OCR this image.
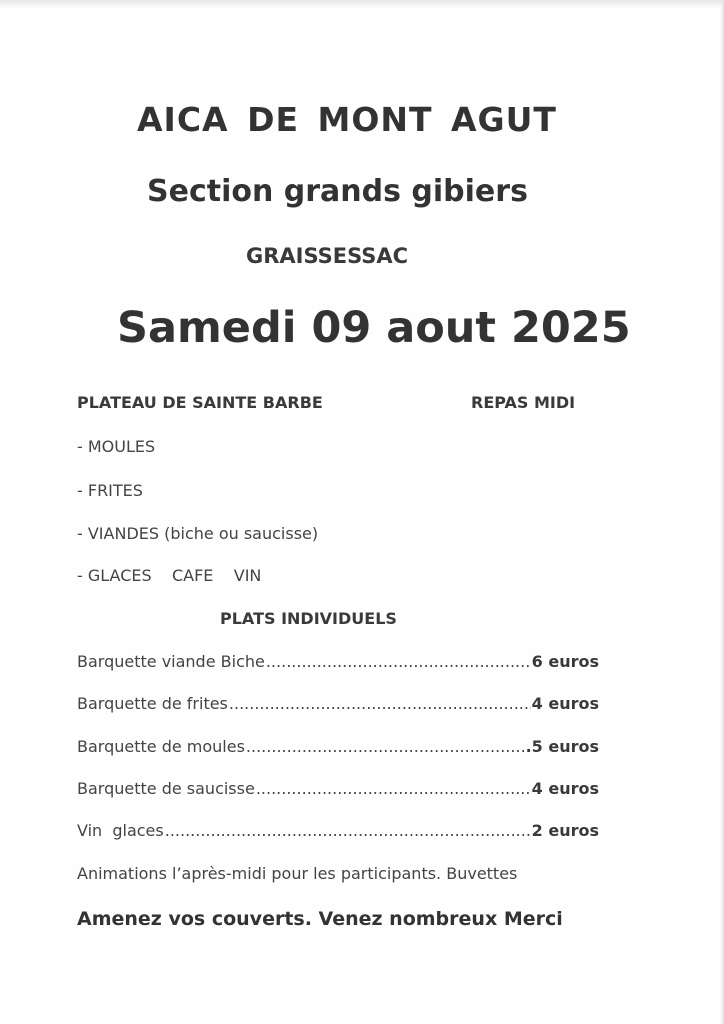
AICA DE MONT AGUT
Section grands gibiers
GRAISSESSAC
Samedi 09 aout 2025
PLATEAU DE SAINTE BARBE	REPAS MIDI
- MOULES
- FRITES
- VIANDES (biche ou saucisse)
- GLACES    CAFE    VIN
PLATS INDIVIDUELS
Barquette viande Biche .....	6 euros
Barquette de frites .....	4 euros
Barquette de moules .....	.5 euros
Barquette de saucisse .....	4 euros
Vin  glaces .....	2 euros
Animations l’après-midi pour les participants. Buvettes
Amenez vos couverts. Venez nombreux Merci
